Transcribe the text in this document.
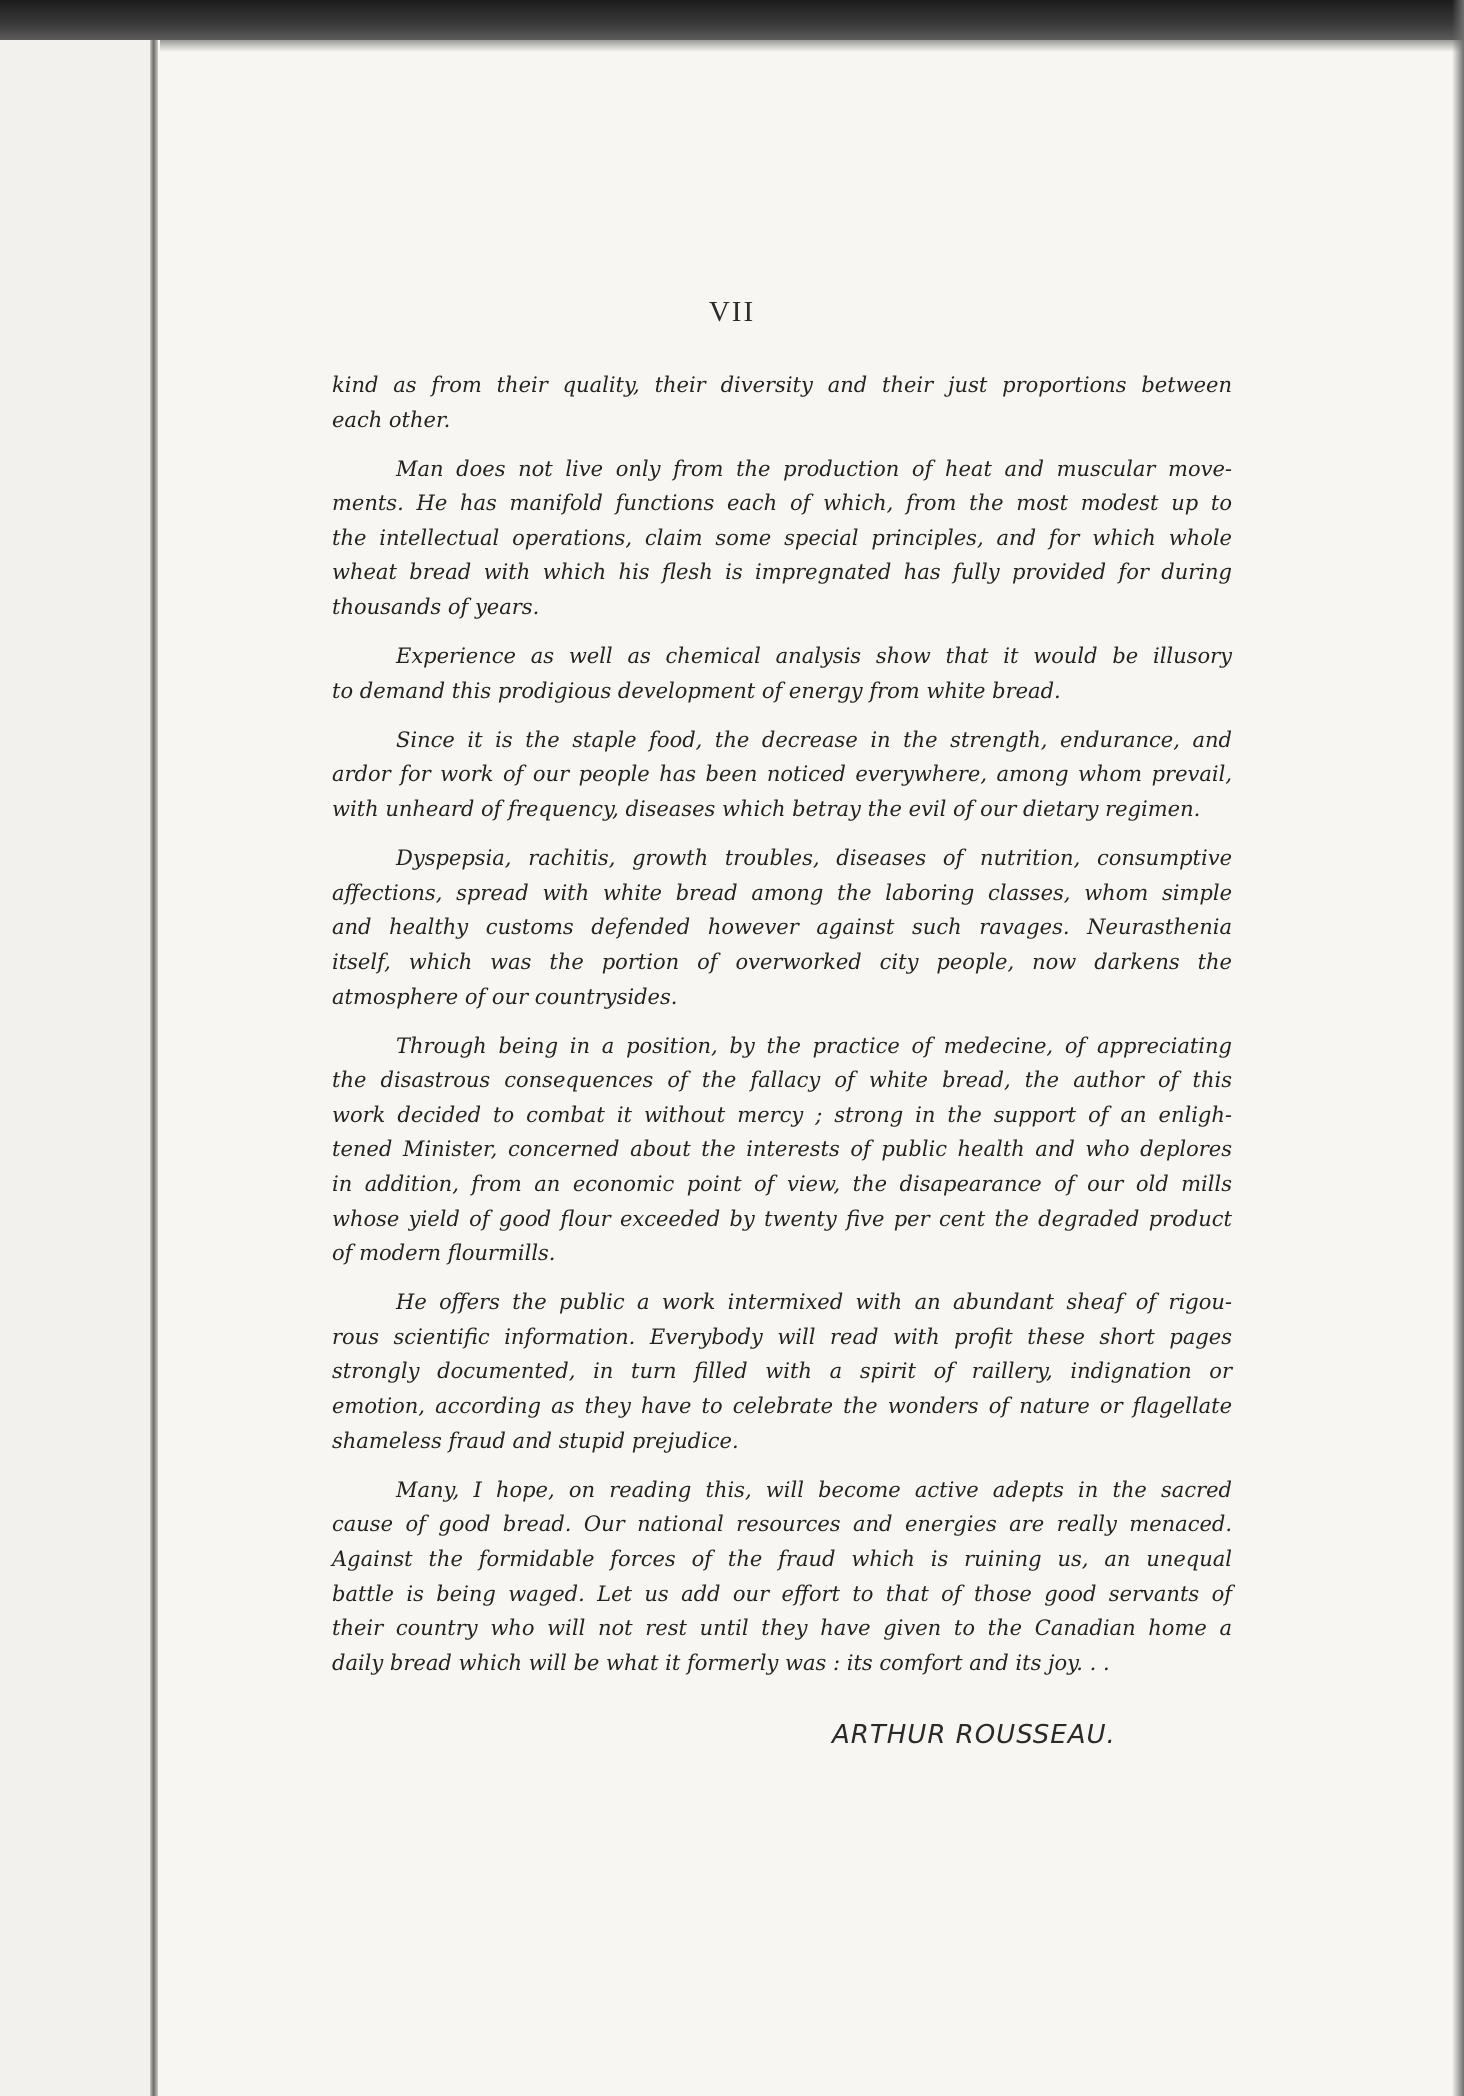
VII
kind as from their quality, their diversity and their just proportions between
each other.
Man does not live only from the production of heat and muscular move-
ments. He has manifold functions each of which, from the most modest up to
the intellectual operations, claim some special principles, and for which whole
wheat bread with which his flesh is impregnated has fully provided for during
thousands of years.
Experience as well as chemical analysis show that it would be illusory
to demand this prodigious development of energy from white bread.
Since it is the staple food, the decrease in the strength, endurance, and
ardor for work of our people has been noticed everywhere, among whom prevail,
with unheard of frequency, diseases which betray the evil of our dietary regimen.
Dyspepsia, rachitis, growth troubles, diseases of nutrition, consumptive
affections, spread with white bread among the laboring classes, whom simple
and healthy customs defended however against such ravages. Neurasthenia
itself, which was the portion of overworked city people, now darkens the
atmosphere of our countrysides.
Through being in a position, by the practice of medecine, of appreciating
the disastrous consequences of the fallacy of white bread, the author of this
work decided to combat it without mercy ; strong in the support of an enligh-
tened Minister, concerned about the interests of public health and who deplores
in addition, from an economic point of view, the disapearance of our old mills
whose yield of good flour exceeded by twenty five per cent the degraded product
of modern flourmills.
He offers the public a work intermixed with an abundant sheaf of rigou-
rous scientific information. Everybody will read with profit these short pages
strongly documented, in turn filled with a spirit of raillery, indignation or
emotion, according as they have to celebrate the wonders of nature or flagellate
shameless fraud and stupid prejudice.
Many, I hope, on reading this, will become active adepts in the sacred
cause of good bread. Our national resources and energies are really menaced.
Against the formidable forces of the fraud which is ruining us, an unequal
battle is being waged. Let us add our effort to that of those good servants of
their country who will not rest until they have given to the Canadian home a
daily bread which will be what it formerly was : its comfort and its joy. . .
ARTHUR ROUSSEAU.
